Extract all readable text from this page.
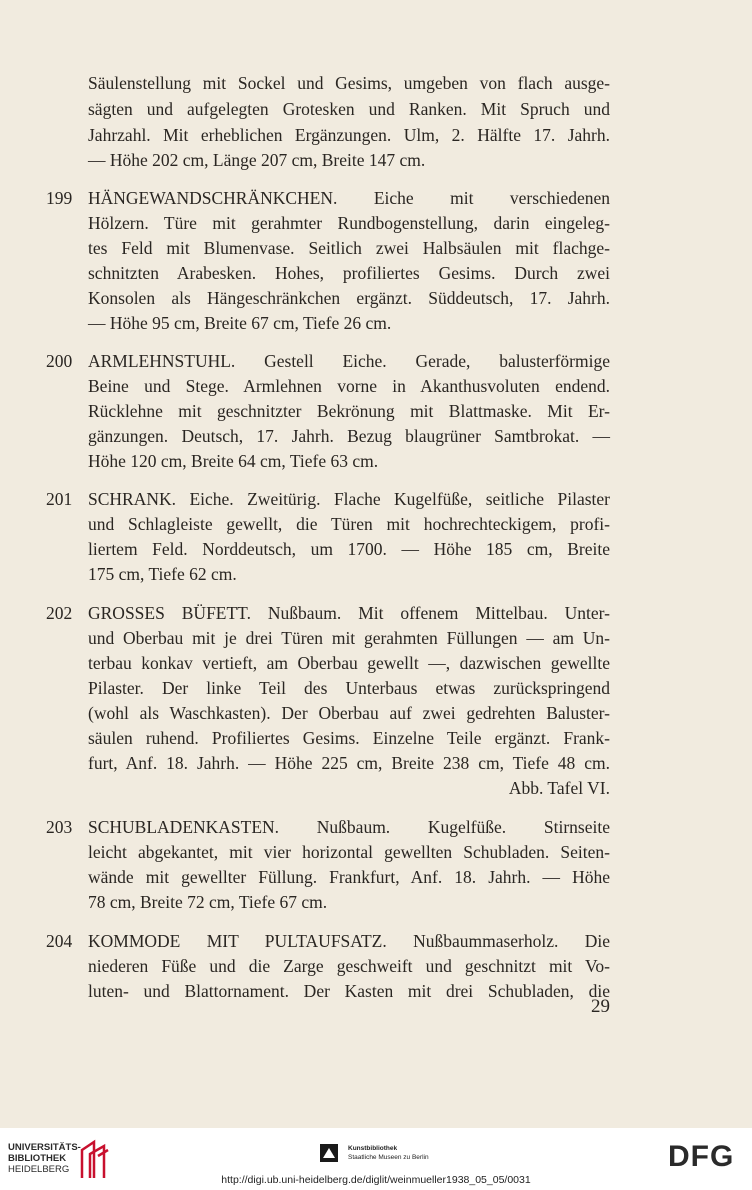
Säulenstellung mit Sockel und Gesims, umgeben von flach ausge-
sägten und aufgelegten Grotesken und Ranken. Mit Spruch und
Jahrzahl. Mit erheblichen Ergänzungen. Ulm, 2. Hälfte 17. Jahrh.
— Höhe 202 cm, Länge 207 cm, Breite 147 cm.
199 HÄNGEWANDSCHRÄNKCHEN. Eiche mit verschiedenen
Hölzern. Türe mit gerahmter Rundbogenstellung, darin eingeleg-
tes Feld mit Blumenvase. Seitlich zwei Halbsäulen mit flachge-
schnitzten Arabesken. Hohes, profiliertes Gesims. Durch zwei
Konsolen als Hängeschränkchen ergänzt. Süddeutsch, 17. Jahrh.
— Höhe 95 cm, Breite 67 cm, Tiefe 26 cm.
200 ARMLEHNSTUHL. Gestell Eiche. Gerade, balusterförmige
Beine und Stege. Armlehnen vorne in Akanthusvoluten endend.
Rücklehne mit geschnitzter Bekrönung mit Blattmaske. Mit Er-
gänzungen. Deutsch, 17. Jahrh. Bezug blaugrüner Samtbrokat. —
Höhe 120 cm, Breite 64 cm, Tiefe 63 cm.
201 SCHRANK. Eiche. Zweitürig. Flache Kugelfüße, seitliche Pilaster
und Schlagleiste gewellt, die Türen mit hochrechteckigem, profi-
liertem Feld. Norddeutsch, um 1700. — Höhe 185 cm, Breite
175 cm, Tiefe 62 cm.
202 GROSSES BÜFETT. Nußbaum. Mit offenem Mittelbau. Unter-
und Oberbau mit je drei Türen mit gerahmten Füllungen — am Un-
terbau konkav vertieft, am Oberbau gewellt —, dazwischen gewellte
Pilaster. Der linke Teil des Unterbaus etwas zurückspringend
(wohl als Waschkasten). Der Oberbau auf zwei gedrehten Baluster-
säulen ruhend. Profiliertes Gesims. Einzelne Teile ergänzt. Frank-
furt, Anf. 18. Jahrh. — Höhe 225 cm, Breite 238 cm, Tiefe 48 cm.
Abb. Tafel VI.
203 SCHUBLADENKASTEN. Nußbaum. Kugelfüße. Stirnseite
leicht abgekantet, mit vier horizontal gewellten Schubladen. Seiten-
wände mit gewellter Füllung. Frankfurt, Anf. 18. Jahrh. — Höhe
78 cm, Breite 72 cm, Tiefe 67 cm.
204 KOMMODE MIT PULTAUFSATZ. Nußbaummaserholz. Die
niederen Füße und die Zarge geschweift und geschnitzt mit Vo-
luten- und Blattornament. Der Kasten mit drei Schubladen, die
29
UNIVERSITÄTS-
BIBLIOTHEK
HEIDELBERG
Kunstbibliothek
Staatliche Museen zu Berlin	DFG
http://digi.ub.uni-heidelberg.de/diglit/weinmueller1938_05_05/0031
